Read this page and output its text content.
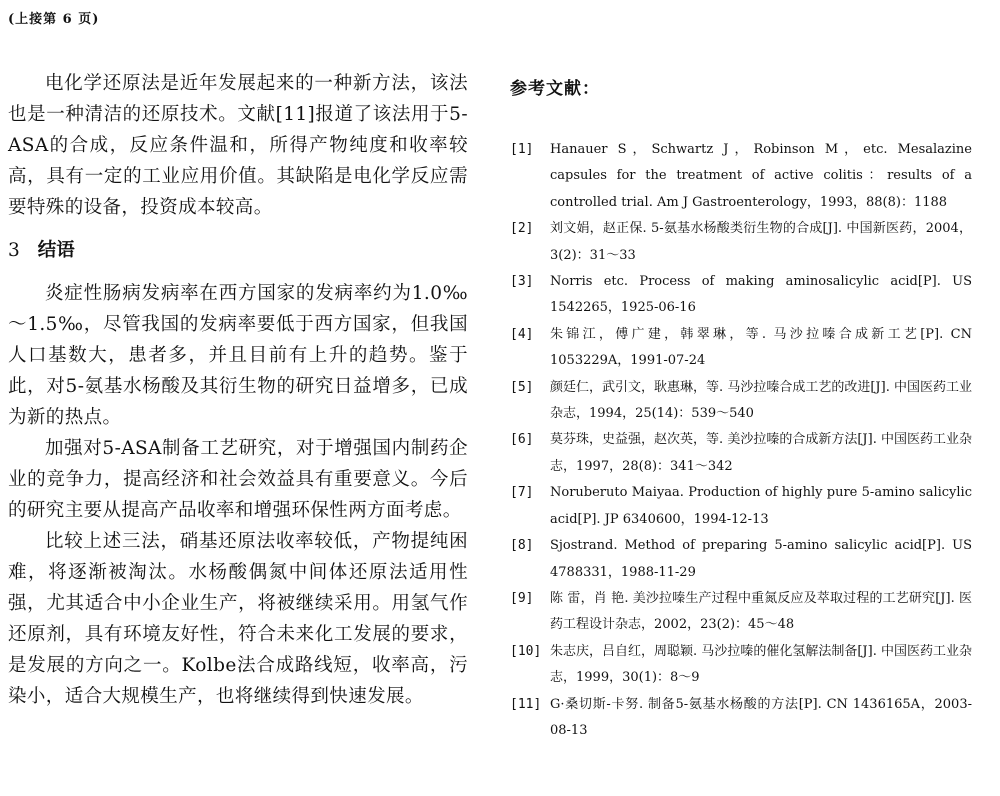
(上接第 6 页)

电化学还原法是近年发展起来的一种新方法，该法也是一种清洁的还原技术。文献[11]报道了该法用于5-ASA的合成，反应条件温和，所得产物纯度和收率较高，具有一定的工业应用价值。其缺陷是电化学反应需要特殊的设备，投资成本较高。

3 结语

炎症性肠病发病率在西方国家的发病率约为1.0‰～1.5‰，尽管我国的发病率要低于西方国家，但我国人口基数大，患者多，并且目前有上升的趋势。鉴于此，对5-氨基水杨酸及其衍生物的研究日益增多，已成为新的热点。

加强对5-ASA制备工艺研究，对于增强国内制药企业的竞争力，提高经济和社会效益具有重要意义。今后的研究主要从提高产品收率和增强环保性两方面考虑。

比较上述三法，硝基还原法收率较低，产物提纯困难，将逐渐被淘汰。水杨酸偶氮中间体还原法适用性强，尤其适合中小企业生产，将被继续采用。用氢气作还原剂，具有环境友好性，符合未来化工发展的要求，是发展的方向之一。Kolbe法合成路线短，收率高，污染小，适合大规模生产，也将继续得到快速发展。

参考文献：
[1]	Hanauer S，Schwartz J，Robinson M，etc. Mesalazine capsules for the treatment of active colitis：results of a controlled trial. Am J Gastroenterology，1993，88(8)：1188
[2]	刘文娟，赵正保. 5-氨基水杨酸类衍生物的合成[J]. 中国新医药，2004，3(2)：31～33
[3]	Norris etc. Process of making aminosalicylic acid[P]. US 1542265，1925-06-16
[4]	朱锦江，傅广建，韩翠琳，等. 马沙拉嗪合成新工艺[P]. CN 1053229A，1991-07-24
[5]	颜廷仁，武引文，耿惠琳，等. 马沙拉嗪合成工艺的改进[J]. 中国医药工业杂志，1994，25(14)：539～540
[6]	莫芬珠，史益强，赵次英，等. 美沙拉嗪的合成新方法[J]. 中国医药工业杂志，1997，28(8)：341～342
[7]	Noruberuto Maiyaa. Production of highly pure 5-amino salicylic acid[P]. JP 6340600，1994-12-13
[8]	Sjostrand. Method of preparing 5-amino salicylic acid[P]. US 4788331，1988-11-29
[9]	陈 雷，肖 艳. 美沙拉嗪生产过程中重氮反应及萃取过程的工艺研究[J]. 医药工程设计杂志，2002，23(2)：45～48
[10] 朱志庆，吕自红，周聪颖. 马沙拉嗪的催化氢解法制备[J]. 中国医药工业杂志，1999，30(1)：8～9
[11] G·桑切斯-卡努. 制备5-氨基水杨酸的方法[P]. CN 1436165A，2003-08-13
